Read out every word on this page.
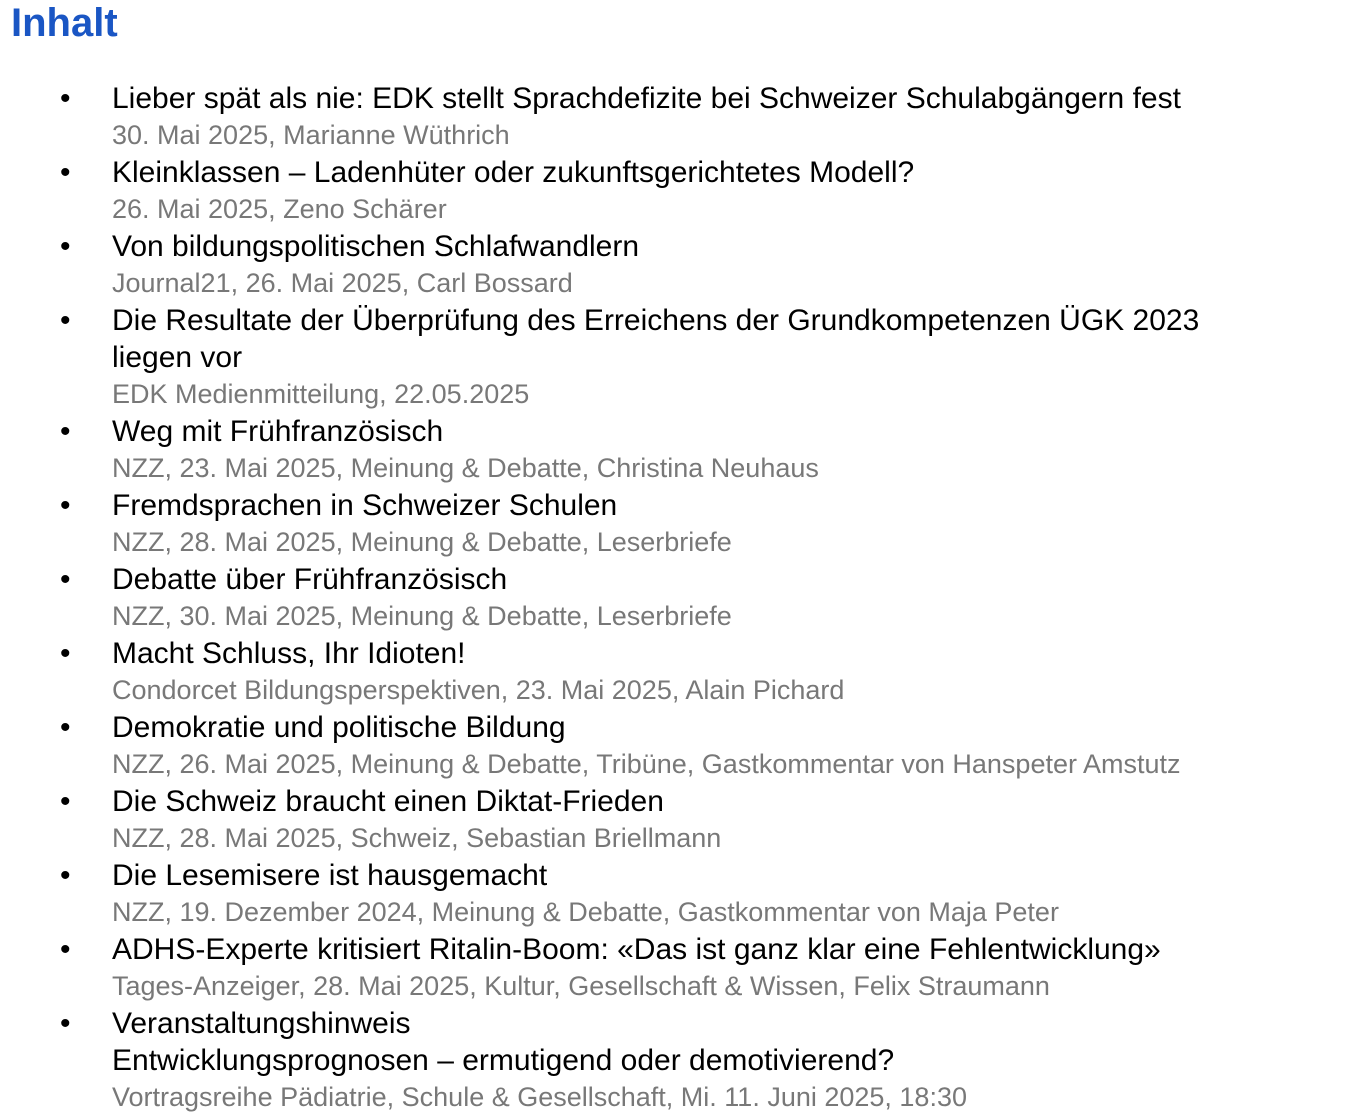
Inhalt
• Lieber spät als nie: EDK stellt Sprachdefizite bei Schweizer Schulabgängern fest
30. Mai 2025, Marianne Wüthrich
• Kleinklassen – Ladenhüter oder zukunftsgerichtetes Modell?
26. Mai 2025, Zeno Schärer
• Von bildungspolitischen Schlafwandlern
Journal21, 26. Mai 2025, Carl Bossard
• Die Resultate der Überprüfung des Erreichens der Grundkompetenzen ÜGK 2023
liegen vor
EDK Medienmitteilung, 22.05.2025
• Weg mit Frühfranzösisch
NZZ, 23. Mai 2025, Meinung & Debatte, Christina Neuhaus
• Fremdsprachen in Schweizer Schulen
NZZ, 28. Mai 2025, Meinung & Debatte, Leserbriefe
• Debatte über Frühfranzösisch
NZZ, 30. Mai 2025, Meinung & Debatte, Leserbriefe
• Macht Schluss, Ihr Idioten!
Condorcet Bildungsperspektiven, 23. Mai 2025, Alain Pichard
• Demokratie und politische Bildung
NZZ, 26. Mai 2025, Meinung & Debatte, Tribüne, Gastkommentar von Hanspeter Amstutz
• Die Schweiz braucht einen Diktat-Frieden
NZZ, 28. Mai 2025, Schweiz, Sebastian Briellmann
• Die Lesemisere ist hausgemacht
NZZ, 19. Dezember 2024, Meinung & Debatte, Gastkommentar von Maja Peter
• ADHS-Experte kritisiert Ritalin-Boom: «Das ist ganz klar eine Fehlentwicklung»
Tages-Anzeiger, 28. Mai 2025, Kultur, Gesellschaft & Wissen, Felix Straumann
• Veranstaltungshinweis
Entwicklungsprognosen – ermutigend oder demotivierend?
Vortragsreihe Pädiatrie, Schule & Gesellschaft, Mi. 11. Juni 2025, 18:30
